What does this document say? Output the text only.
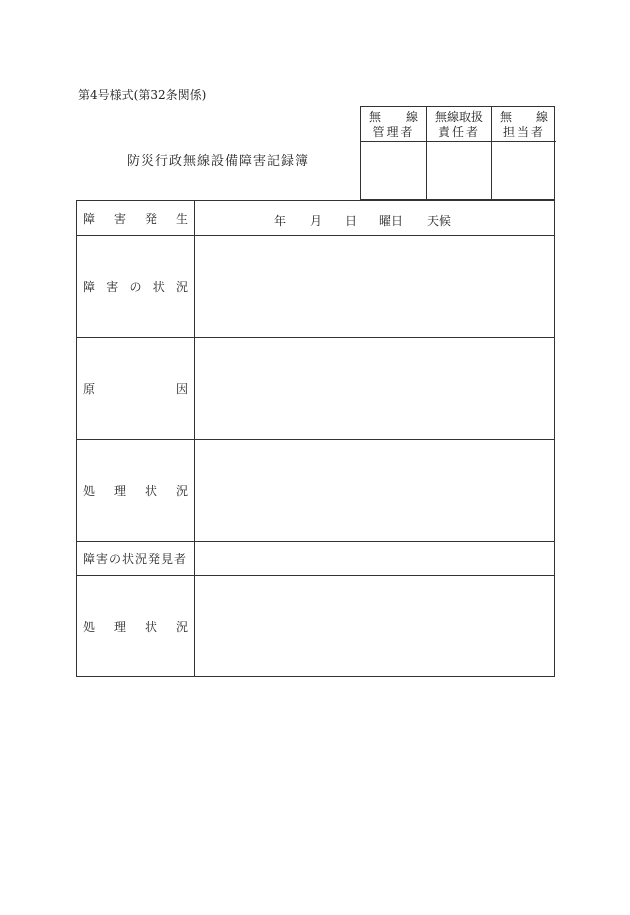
第4号様式(第32条関係)
防災行政無線設備障害記録簿
無 線
管理者
無線取扱
責任者
無 線
担当者
障 害 発 生	年 月 日 曜日 天候
障 害 の 状 況
原	因
処 理 状 況
障害の状況発見者
処 理 状 況
